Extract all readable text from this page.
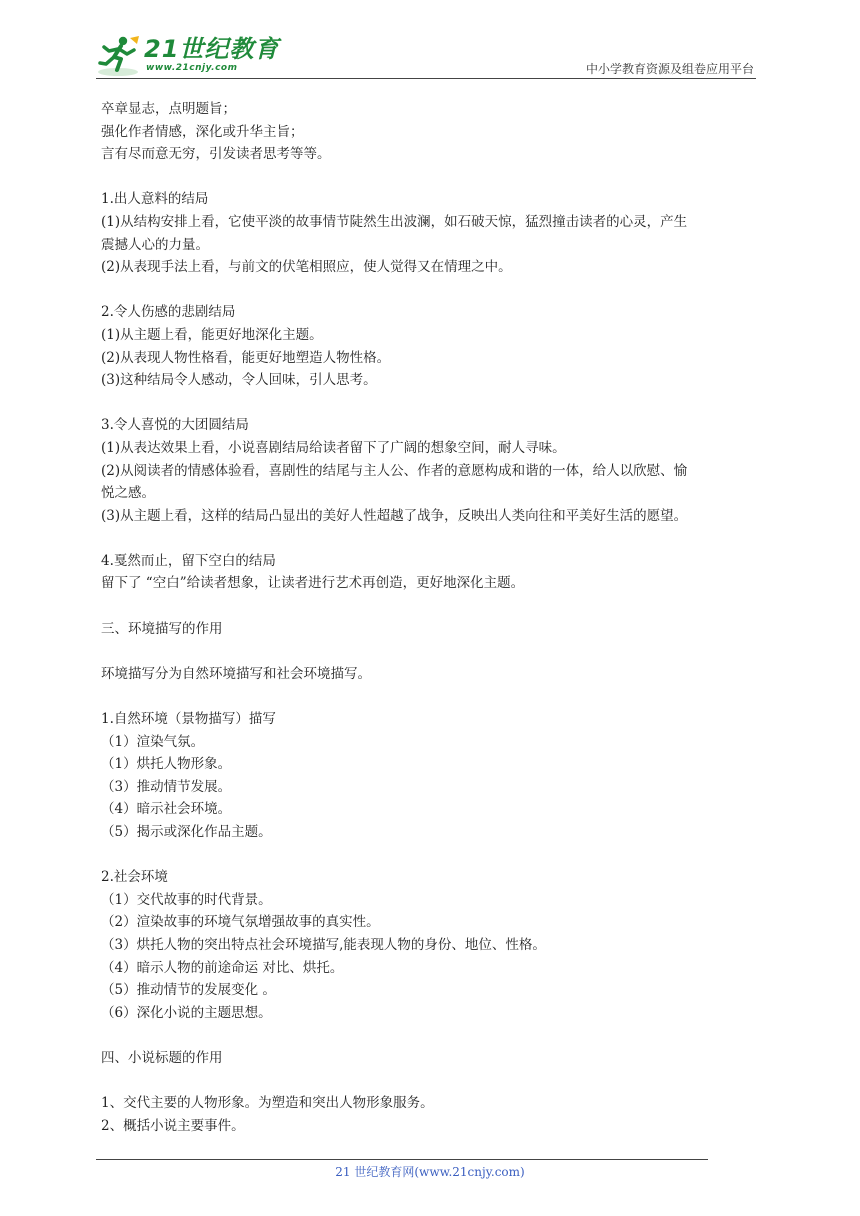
21世纪教育
www.21cnjy.com	中小学教育资源及组卷应用平台

卒章显志，点明题旨；

强化作者情感，深化或升华主旨；

言有尽而意无穷，引发读者思考等等。

1.出人意料的结局

(1)从结构安排上看，它使平淡的故事情节陡然生出波澜，如石破天惊，猛烈撞击读者的心灵，产生

震撼人心的力量。

(2)从表现手法上看，与前文的伏笔相照应，使人觉得又在情理之中。

2.令人伤感的悲剧结局

(1)从主题上看，能更好地深化主题。

(2)从表现人物性格看，能更好地塑造人物性格。

(3)这种结局令人感动，令人回味，引人思考。

3.令人喜悦的大团圆结局

(1)从表达效果上看，小说喜剧结局给读者留下了广阔的想象空间，耐人寻味。

(2)从阅读者的情感体验看，喜剧性的结尾与主人公、作者的意愿构成和谐的一体，给人以欣慰、愉

悦之感。

(3)从主题上看，这样的结局凸显出的美好人性超越了战争，反映出人类向往和平美好生活的愿望。

4.戛然而止，留下空白的结局

留下了 “空白”给读者想象，让读者进行艺术再创造，更好地深化主题。

三、环境描写的作用

环境描写分为自然环境描写和社会环境描写。

1.自然环境（景物描写）描写

（1）渲染气氛。

（1）烘托人物形象。

（3）推动情节发展。

（4）暗示社会环境。

（5）揭示或深化作品主题。

2.社会环境

（1）交代故事的时代背景。

（2）渲染故事的环境气氛增强故事的真实性。

（3）烘托人物的突出特点社会环境描写,能表现人物的身份、地位、性格。

（4）暗示人物的前途命运 对比、烘托。

（5）推动情节的发展变化 。

（6）深化小说的主题思想。

四、小说标题的作用

1、交代主要的人物形象。为塑造和突出人物形象服务。

2、概括小说主要事件。

21 世纪教育网(www.21cnjy.com)
